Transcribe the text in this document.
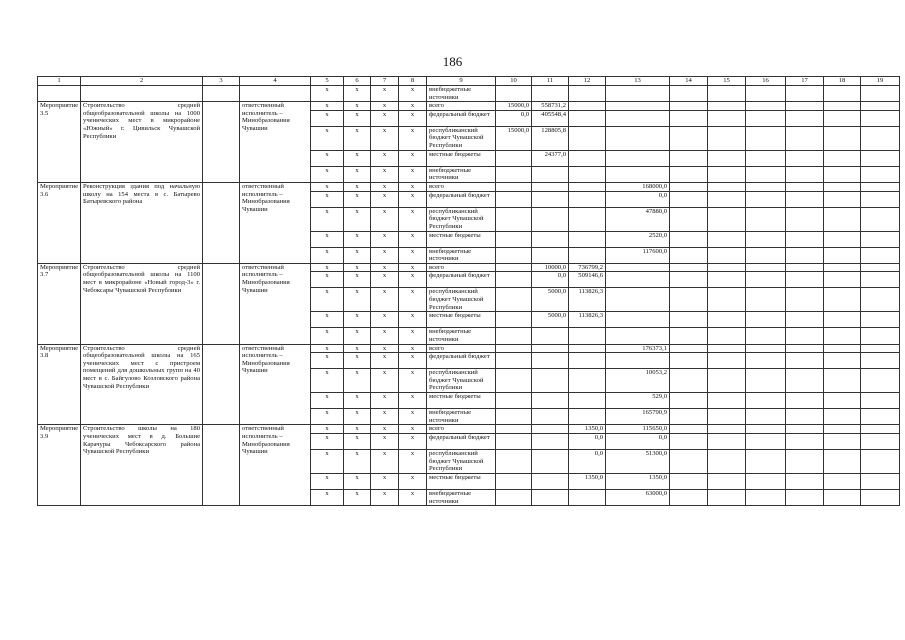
186
1	2	3	4	5	6	7	8	9	10	11	12	13	14	15	16	17	18	19
				x	x	x	x	внебюджетные источники										
Мероприятие 3.5	Строительство средней общеобразовательной школы на 1000 ученических мест в микрорайоне «Южный» г. Цивильск Чувашской Республики		ответственный исполнитель – Минобразования Чувашии	x	x	x	x	всего	15000,0	558731,2								
				x	x	x	x	федеральный бюджет	0,0	405548,4								
				x	x	x	x	республиканский бюджет Чувашской Республики	15000,0	128805,8								
				x	x	x	x	местные бюджеты		24377,0								
				x	x	x	x	внебюджетные источники										
Мероприятие 3.6	Реконструкция здания под начальную школу на 154 места в с. Батырево Батыревского района		ответственный исполнитель – Минобразования Чувашии	x	x	x	x	всего				168000,0						
				x	x	x	x	федеральный бюджет				0,0						
				x	x	x	x	республиканский бюджет Чувашской Республики				47880,0						
				x	x	x	x	местные бюджеты				2520,0						
				x	x	x	x	внебюджетные источники				117600,0						
Мероприятие 3.7	Строительство средней общеобразовательной школы на 1100 мест в микрорайоне «Новый город-3» г. Чебоксары Чувашской Республики		ответственный исполнитель – Минобразования Чувашии	x	x	x	x	всего		10000,0	736799,2							
				x	x	x	x	федеральный бюджет		0,0	509146,6							
				x	x	x	x	республиканский бюджет Чувашской Республики		5000,0	113826,3							
				x	x	x	x	местные бюджеты		5000,0	113826,3							
				x	x	x	x	внебюджетные источники										
Мероприятие 3.8	Строительство средней общеобразовательной школы на 165 ученических мест с пристроем помещений для дошкольных групп на 40 мест в с. Байгулово Козловского района Чувашской Республики		ответственный исполнитель – Минобразования Чувашии	x	x	x	x	всего				176373,1						
				x	x	x	x	федеральный бюджет										
				x	x	x	x	республиканский бюджет Чувашской Республики				10053,2						
				x	x	x	x	местные бюджеты				529,0						
				x	x	x	x	внебюджетные источники				165790,9						
Мероприятие 3.9	Строительство школы на 180 ученических мест в д. Большие Карачуры Чебоксарского района Чувашской Республики		ответственный исполнитель – Минобразования Чувашии	x	x	x	x	всего			1350,0	115650,0						
				x	x	x	x	федеральный бюджет			0,0	0,0						
				x	x	x	x	республиканский бюджет Чувашской Республики			0,0	51300,0						
				x	x	x	x	местные бюджеты			1350,0	1350,0						
				x	x	x	x	внебюджетные источники				63000,0						
